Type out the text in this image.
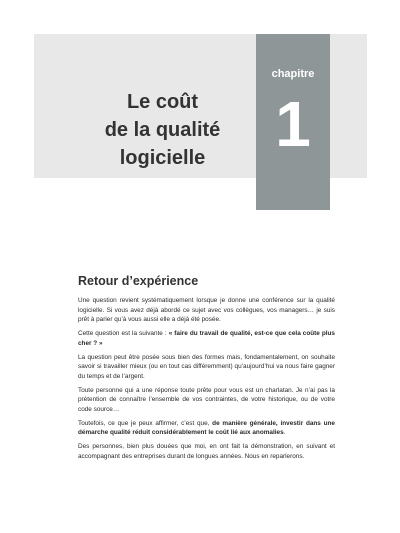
Le coût
de la qualité
logicielle
chapitre
1
Retour d’expérience

Une question revient systématiquement lorsque je donne une conférence sur la qualité logicielle. Si vous avez déjà abordé ce sujet avec vos collègues, vos managers… je suis prêt à parier qu’à vous aussi elle a déjà été posée.

Cette question est la suivante : « faire du travail de qualité, est-ce que cela coûte plus cher ? »

La question peut être posée sous bien des formes mais, fondamentalement, on souhaite savoir si travailler mieux (ou en tout cas différemment) qu’aujourd’hui va nous faire gagner du temps et de l’argent.

Toute personne qui a une réponse toute prête pour vous est un charlatan. Je n’ai pas la prétention de connaître l’ensemble de vos contraintes, de votre historique, ou de votre code source…

Toutefois, ce que je peux affirmer, c’est que, de manière générale, investir dans une démarche qualité réduit considérablement le coût lié aux anomalies.

Des personnes, bien plus douées que moi, en ont fait la démonstration, en suivant et accompagnant des entreprises durant de longues années. Nous en reparlerons.
